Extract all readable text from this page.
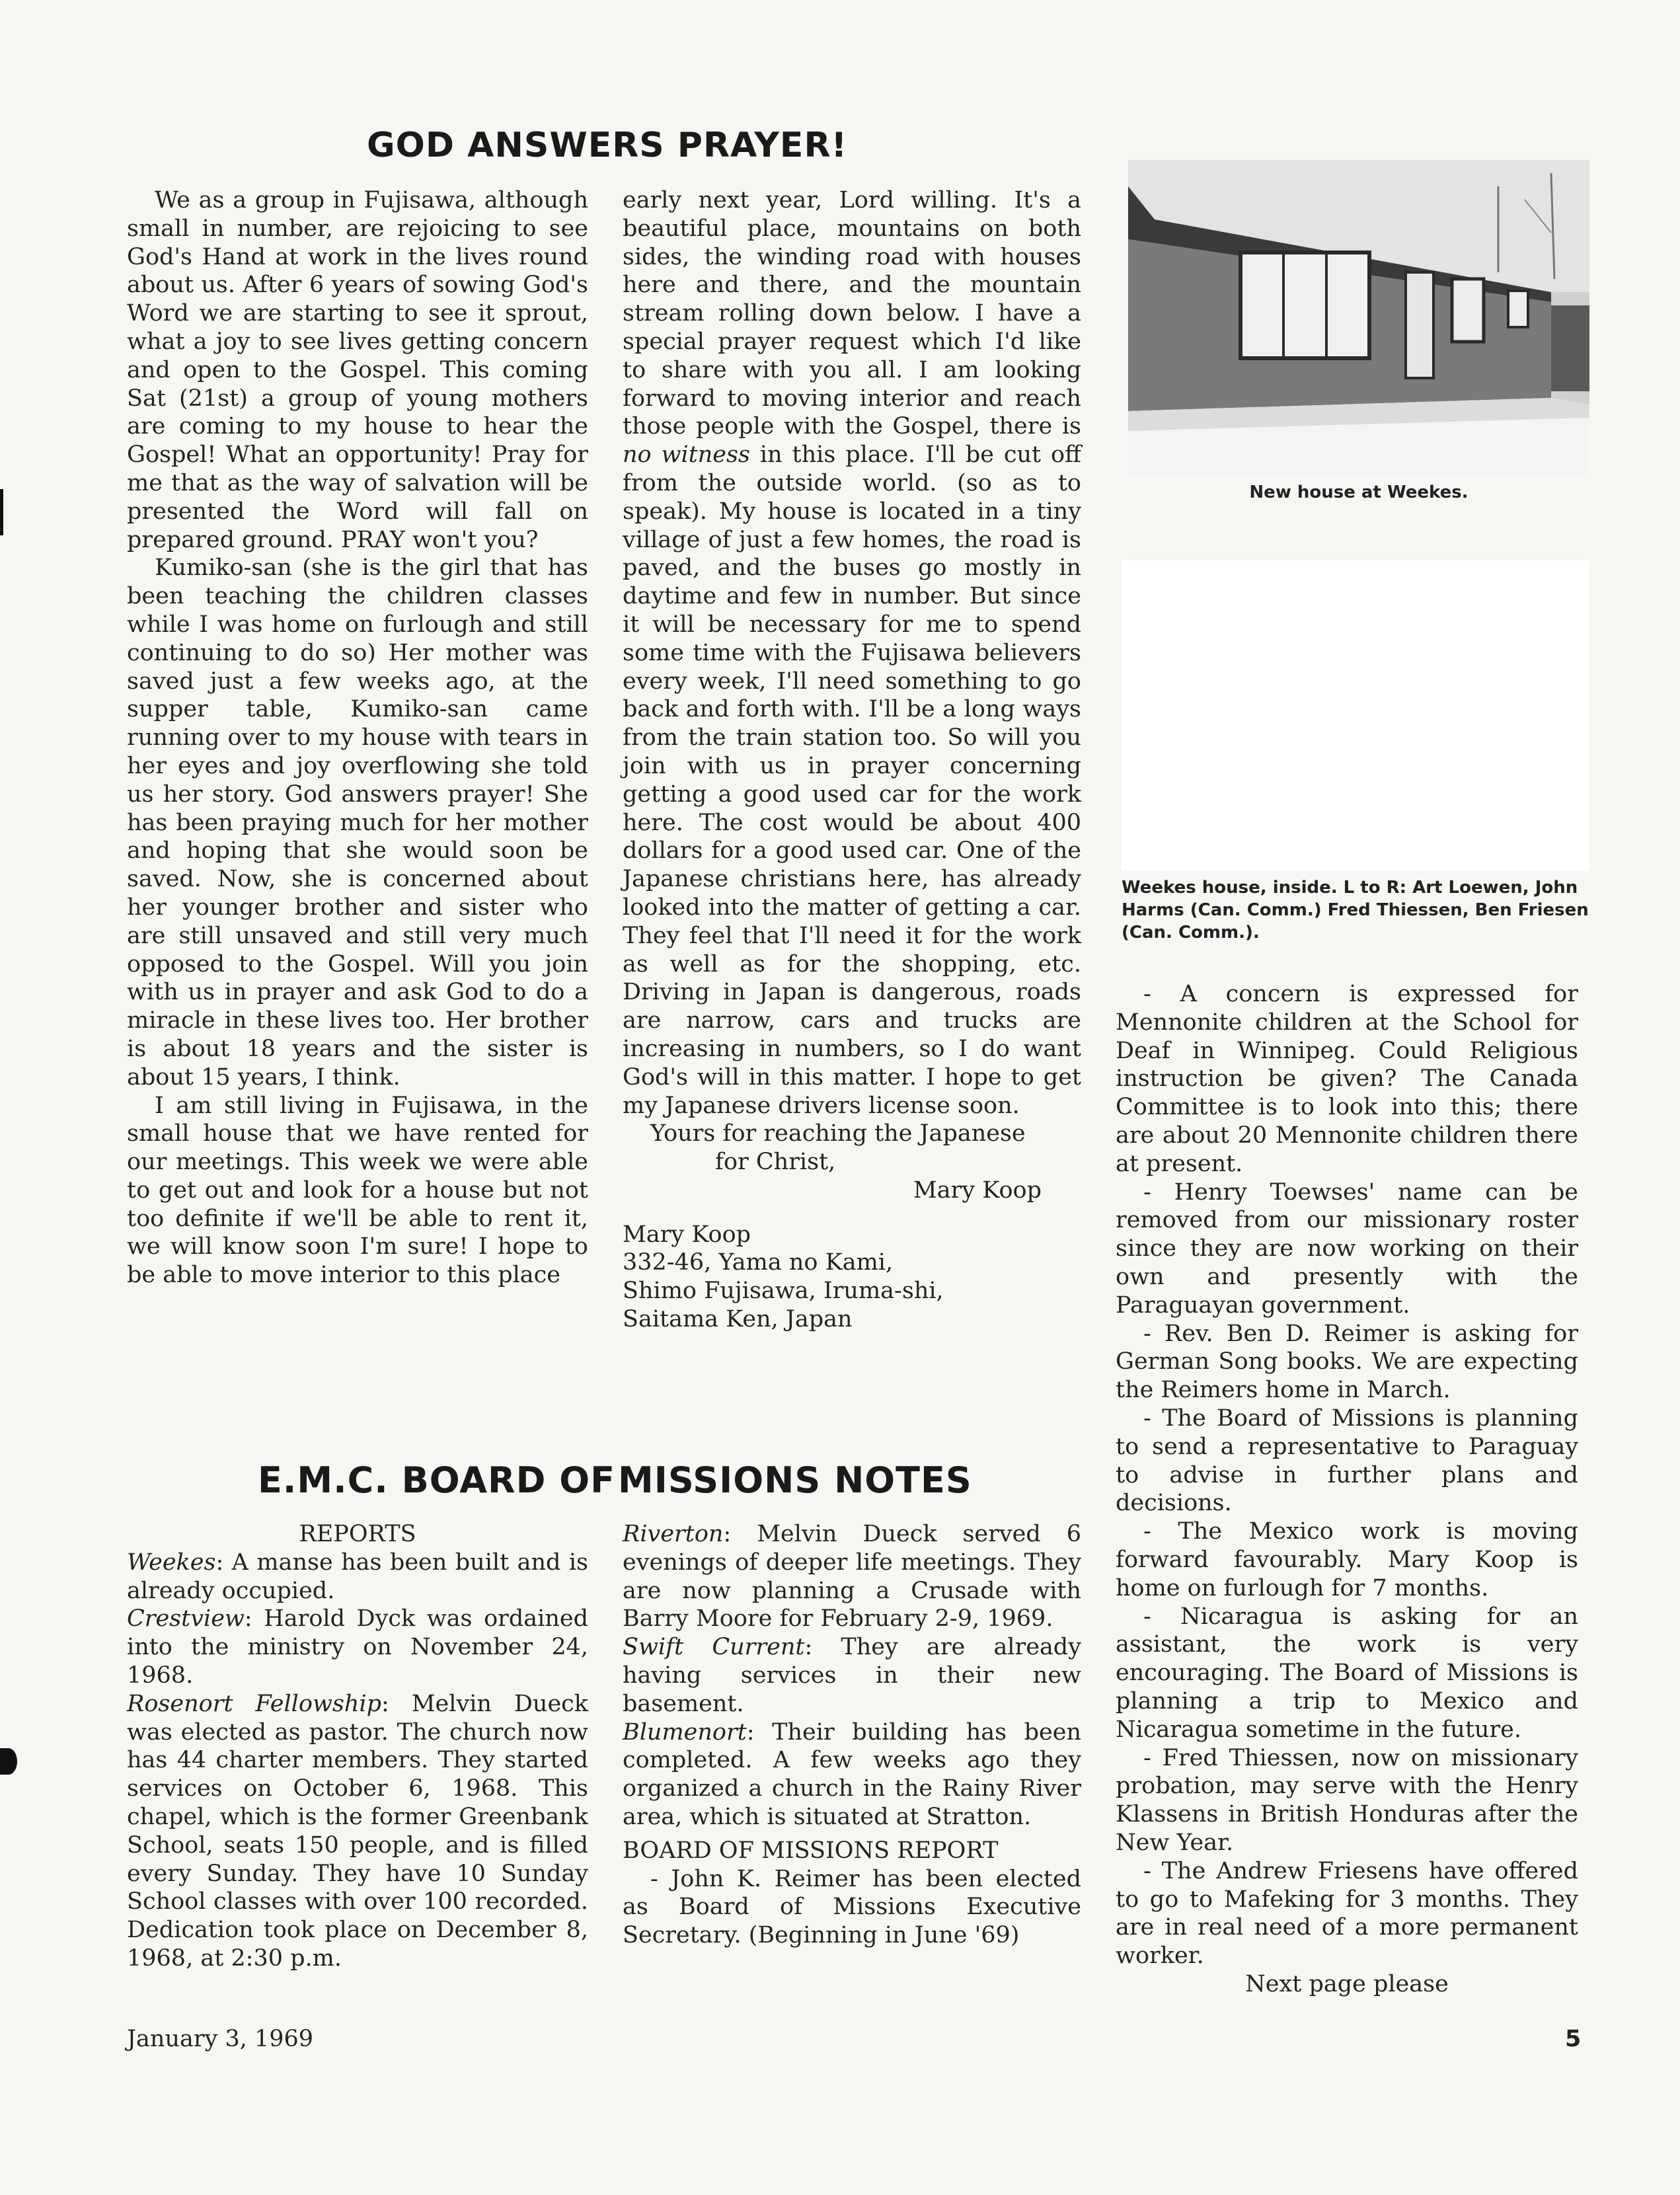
GOD ANSWERS PRAYER!

We as a group in Fujisawa, although small in number, are rejoicing to see God's Hand at work in the lives round about us. After 6 years of sowing God's Word we are starting to see it sprout, what a joy to see lives getting concern and open to the Gospel. This coming Sat (21st) a group of young mothers are coming to my house to hear the Gospel! What an opportunity! Pray for me that as the way of salvation will be presented the Word will fall on prepared ground. PRAY won't you?

Kumiko-san (she is the girl that has been teaching the children classes while I was home on furlough and still continuing to do so) Her mother was saved just a few weeks ago, at the supper table, Kumiko-san came running over to my house with tears in her eyes and joy overflowing she told us her story. God answers prayer! She has been praying much for her mother and hoping that she would soon be saved. Now, she is concerned about her younger brother and sister who are still unsaved and still very much opposed to the Gospel. Will you join with us in prayer and ask God to do a miracle in these lives too. Her brother is about 18 years and the sister is about 15 years, I think.

I am still living in Fujisawa, in the small house that we have rented for our meetings. This week we were able to get out and look for a house but not too definite if we'll be able to rent it, we will know soon I'm sure! I hope to be able to move interior to this place

early next year, Lord willing. It's a beautiful place, mountains on both sides, the winding road with houses here and there, and the mountain stream rolling down below. I have a special prayer request which I'd like to share with you all. I am looking forward to moving interior and reach those people with the Gospel, there is no witness in this place. I'll be cut off from the outside world. (so as to speak). My house is located in a tiny village of just a few homes, the road is paved, and the buses go mostly in daytime and few in number. But since it will be necessary for me to spend some time with the Fujisawa believers every week, I'll need something to go back and forth with. I'll be a long ways from the train station too. So will you join with us in prayer concerning getting a good used car for the work here. The cost would be about 400 dollars for a good used car. One of the Japanese christians here, has already looked into the matter of getting a car. They feel that I'll need it for the work as well as for the shopping, etc. Driving in Japan is dangerous, roads are narrow, cars and trucks are increasing in numbers, so I do want God's will in this matter. I hope to get my Japanese drivers license soon.

Yours for reaching the Japanese

for Christ,

Mary Koop

Mary Koop

332-46, Yama no Kami,

Shimo Fujisawa, Iruma-shi,

Saitama Ken, Japan

New house at Weekes.

Weekes house, inside. L to R: Art Loewen, John Harms (Can. Comm.) Fred Thiessen, Ben Friesen (Can. Comm.).

- A concern is expressed for Mennonite children at the School for Deaf in Winnipeg. Could Religious instruction be given? The Canada Committee is to look into this; there are about 20 Mennonite children there at present.

- Henry Toewses' name can be removed from our missionary roster since they are now working on their own and presently with the Paraguayan government.

- Rev. Ben D. Reimer is asking for German Song books. We are expecting the Reimers home in March.

- The Board of Missions is planning to send a representative to Paraguay to advise in further plans and decisions.

- The Mexico work is moving forward favourably. Mary Koop is home on furlough for 7 months.

- Nicaragua is asking for an assistant, the work is very encouraging. The Board of Missions is planning a trip to Mexico and Nicaragua sometime in the future.

- Fred Thiessen, now on missionary probation, may serve with the Henry Klassens in British Honduras after the New Year.

- The Andrew Friesens have offered to go to Mafeking for 3 months. They are in real need of a more permanent worker.

Next page please

E.M.C. BOARD OF MISSIONS NOTES

REPORTS

Weekes: A manse has been built and is already occupied.

Crestview: Harold Dyck was ordained into the ministry on November 24, 1968.

Rosenort Fellowship: Melvin Dueck was elected as pastor. The church now has 44 charter members. They started services on October 6, 1968. This chapel, which is the former Greenbank School, seats 150 people, and is filled every Sunday. They have 10 Sunday School classes with over 100 recorded. Dedication took place on December 8, 1968, at 2:30 p.m.

Riverton: Melvin Dueck served 6 evenings of deeper life meetings. They are now planning a Crusade with Barry Moore for February 2-9, 1969.

Swift Current: They are already having services in their new basement.

Blumenort: Their building has been completed. A few weeks ago they organized a church in the Rainy River area, which is situated at Stratton.

BOARD OF MISSIONS REPORT

- John K. Reimer has been elected as Board of Missions Executive Secretary. (Beginning in June '69)

January 3, 1969	5
